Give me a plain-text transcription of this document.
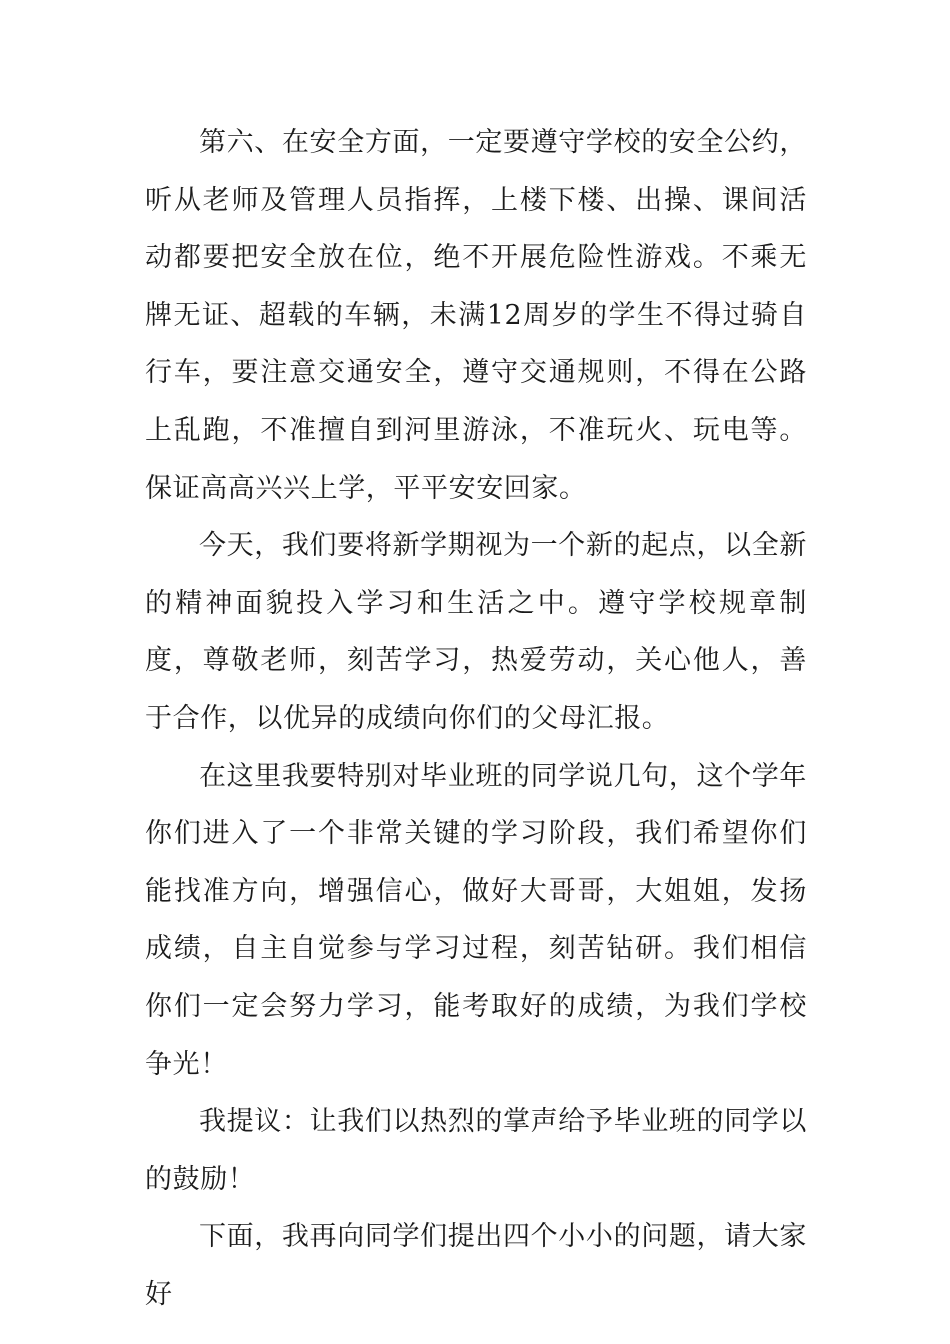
第六、在安全方面，一定要遵守学校的安全公约，听从老师及管理人员指挥，上楼下楼、出操、课间活动都要把安全放在位，绝不开展危险性游戏。不乘无牌无证、超载的车辆，未满12周岁的学生不得过骑自行车，要注意交通安全，遵守交通规则，不得在公路上乱跑，不准擅自到河里游泳，不准玩火、玩电等。保证高高兴兴上学，平平安安回家。

今天，我们要将新学期视为一个新的起点，以全新的精神面貌投入学习和生活之中。遵守学校规章制度，尊敬老师，刻苦学习，热爱劳动，关心他人，善于合作，以优异的成绩向你们的父母汇报。

在这里我要特别对毕业班的同学说几句，这个学年你们进入了一个非常关键的学习阶段，我们希望你们能找准方向，增强信心，做好大哥哥，大姐姐，发扬成绩，自主自觉参与学习过程，刻苦钻研。我们相信你们一定会努力学习，能考取好的成绩，为我们学校争光！

我提议：让我们以热烈的掌声给予毕业班的同学以的鼓励！

下面，我再向同学们提出四个小小的问题，请大家好
